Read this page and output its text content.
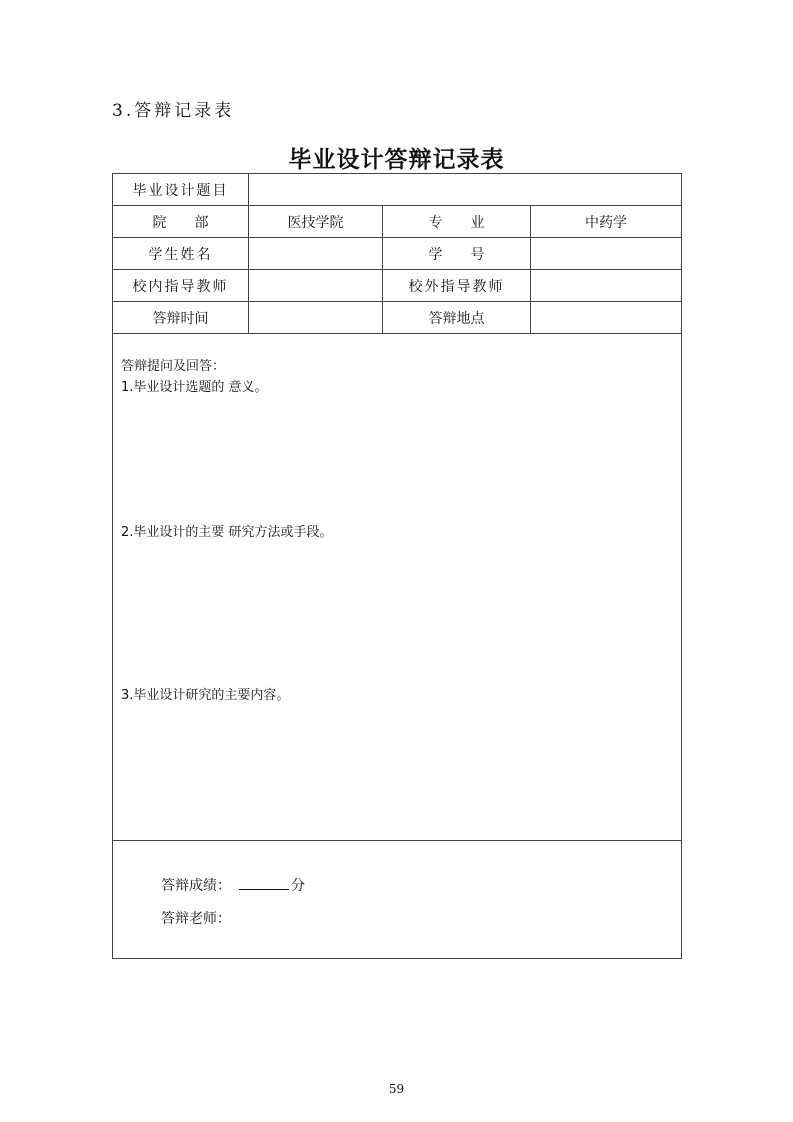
3.答辩记录表
毕业设计答辩记录表
毕业设计题目			
院　　部	医技学院	专　　业	中药学
学生姓名		学　　号	
校内指导教师		校外指导教师	
答辩时间		答辩地点	

答辩提问及回答：
1.毕业设计选题的 意义。
2.毕业设计的主要 研究方法或手段。
3.毕业设计研究的主要内容。			

答辩成绩： 分
答辩老师：			
59
